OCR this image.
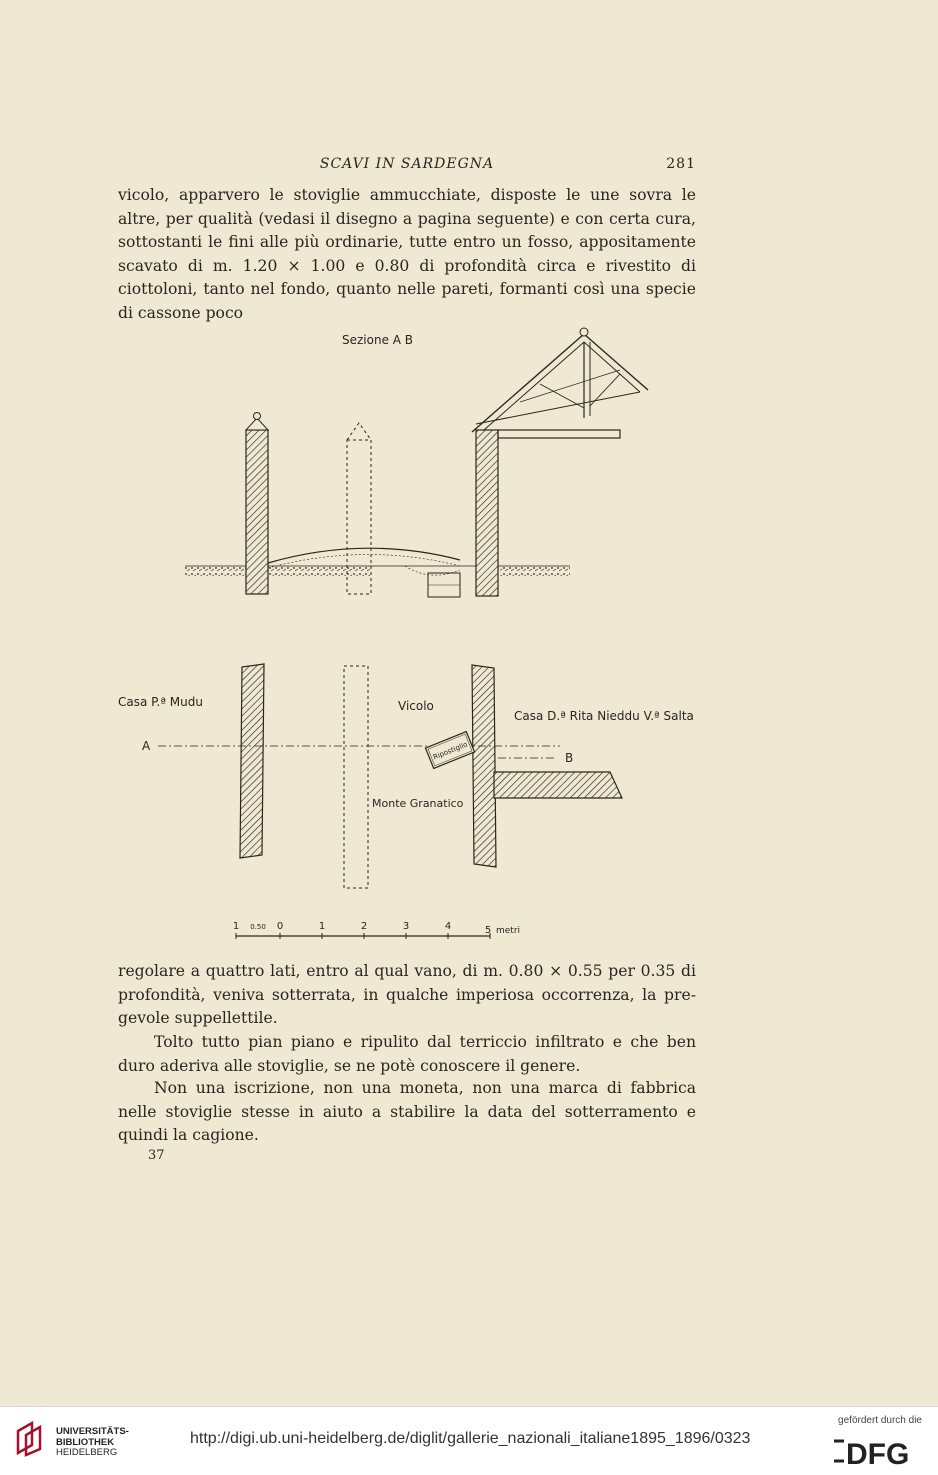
SCAVI IN SARDEGNA	281

vicolo, apparvero le stoviglie ammucchiate, disposte le une sovra le altre, per qualità (vedasi il disegno a pagina seguente) e con certa cura, sottostanti le fini alle più ordinarie, tutte entro un fosso, appositamente scavato di m. 1.20 × 1.00 e 0.80 di profondità circa e rivestito di ciottoloni, tanto nel fondo, quanto nelle pareti, formanti così una specie di cassone poco

Sezione A B
Ripostiglio
Casa P.ª Mudu	Vicolo
Casa D.ª Rita Nieddu V.ª Salta
A
B
Monte Granatico
1 0.50 0	1	2	3	4	5 metri

regolare a quattro lati, entro al qual vano, di m. 0.80 × 0.55 per 0.35 di profondità, veniva sotterrata, in qualche imperiosa occorrenza, la pre-gevole suppellettile.

Tolto tutto pian piano e ripulito dal terriccio infiltrato e che ben duro aderiva alle stoviglie, se ne potè conoscere il genere.

Non una iscrizione, non una moneta, non una marca di fabbrica nelle stoviglie stesse in aiuto a stabilire la data del sotterramento e quindi la cagione.

37
UNIVERSITÄTS-
BIBLIOTHEK
HEIDELBERG
http://digi.ub.uni-heidelberg.de/diglit/gallerie_nazionali_italiane1895_1896/0323
gefördert durch die
DFG
